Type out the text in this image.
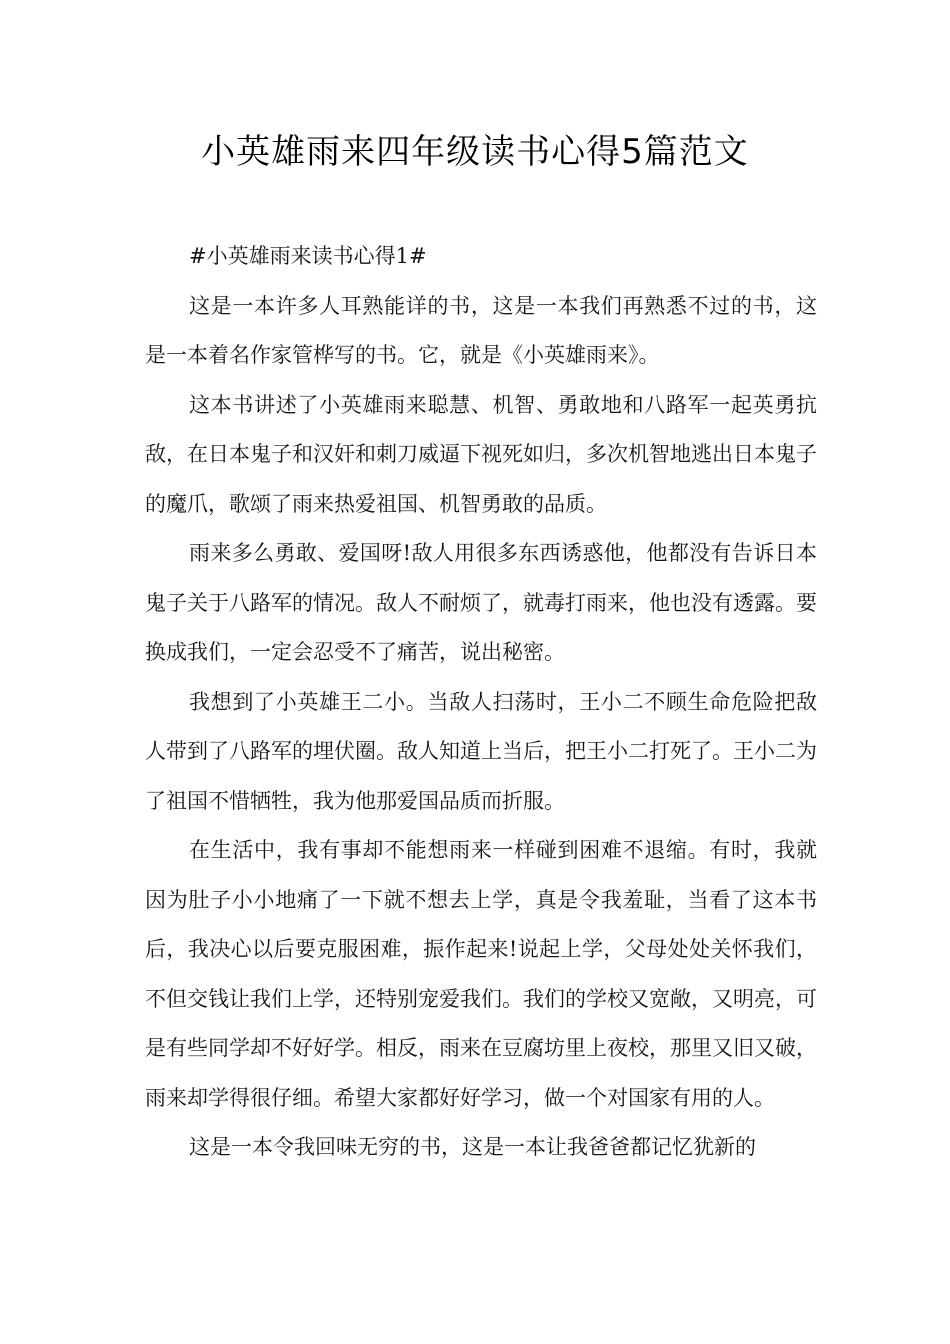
小英雄雨来四年级读书心得5篇范文

#小英雄雨来读书心得1#

这是一本许多人耳熟能详的书，这是一本我们再熟悉不过的书，这是一本着名作家管桦写的书。它，就是《小英雄雨来》。

这本书讲述了小英雄雨来聪慧、机智、勇敢地和八路军一起英勇抗敌，在日本鬼子和汉奸和刺刀威逼下视死如归，多次机智地逃出日本鬼子的魔爪，歌颂了雨来热爱祖国、机智勇敢的品质。

雨来多么勇敢、爱国呀!敌人用很多东西诱惑他，他都没有告诉日本鬼子关于八路军的情况。敌人不耐烦了，就毒打雨来，他也没有透露。要换成我们，一定会忍受不了痛苦，说出秘密。

我想到了小英雄王二小。当敌人扫荡时，王小二不顾生命危险把敌人带到了八路军的埋伏圈。敌人知道上当后，把王小二打死了。王小二为了祖国不惜牺牲，我为他那爱国品质而折服。

在生活中，我有事却不能想雨来一样碰到困难不退缩。有时，我就因为肚子小小地痛了一下就不想去上学，真是令我羞耻，当看了这本书后，我决心以后要克服困难，振作起来!说起上学，父母处处关怀我们，不但交钱让我们上学，还特别宠爱我们。我们的学校又宽敞，又明亮，可是有些同学却不好好学。相反，雨来在豆腐坊里上夜校，那里又旧又破，雨来却学得很仔细。希望大家都好好学习，做一个对国家有用的人。

这是一本令我回味无穷的书，这是一本让我爸爸都记忆犹新的
